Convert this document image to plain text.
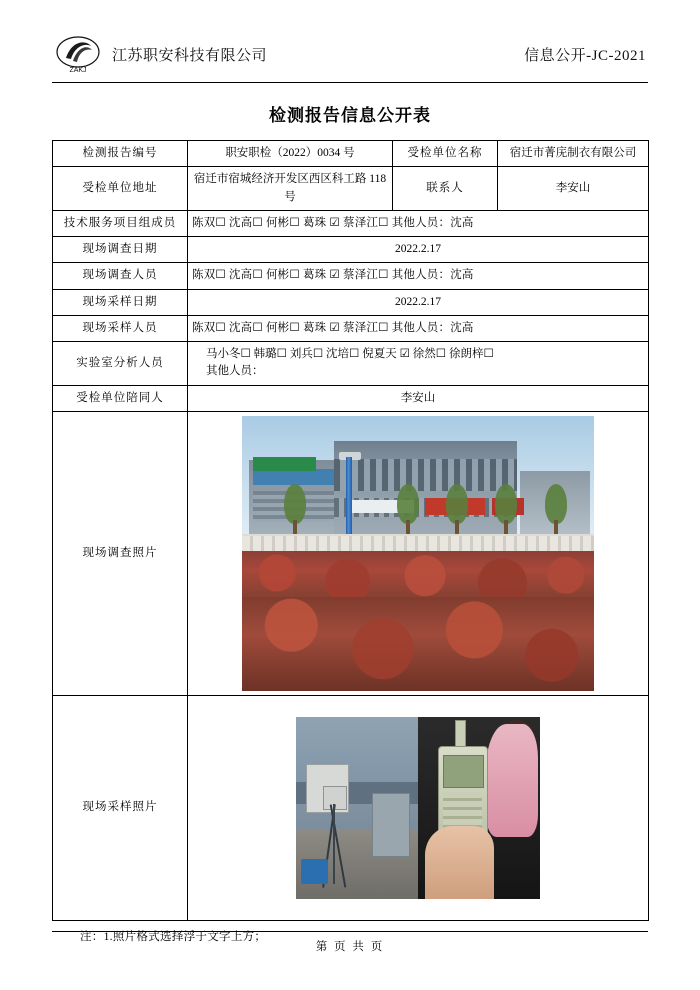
ZAKJ
江苏职安科技有限公司	信息公开-JC-2021
检测报告信息公开表
检测报告编号	职安职检（2022）0034 号	受检单位名称	宿迁市菁庑制衣有限公司
受检单位地址	宿迁市宿城经济开发区西区科工路 118 号	联系人	李安山
技术服务项目组成员	陈双☐ 沈高☐ 何彬☐ 葛珠 ☑ 蔡泽江☐ 其他人员：沈高		
现场调查日期	2022.2.17		
现场调查人员	陈双☐ 沈高☐ 何彬☐ 葛珠 ☑ 蔡泽江☐ 其他人员：沈高		
现场采样日期	2022.2.17		
现场采样人员	陈双☐ 沈高☐ 何彬☐ 葛珠 ☑ 蔡泽江☐ 其他人员：沈高		
实验室分析人员	马小冬☐ 韩璐☐ 刘兵☐ 沈培☐ 倪夏天 ☑ 徐然☐ 徐朗梓☐
其他人员：		

受检单位陪同人	李安山		
现场调查照片			

现场采样照片			
注：1.照片格式选择浮于文字上方；
第 页 共 页
